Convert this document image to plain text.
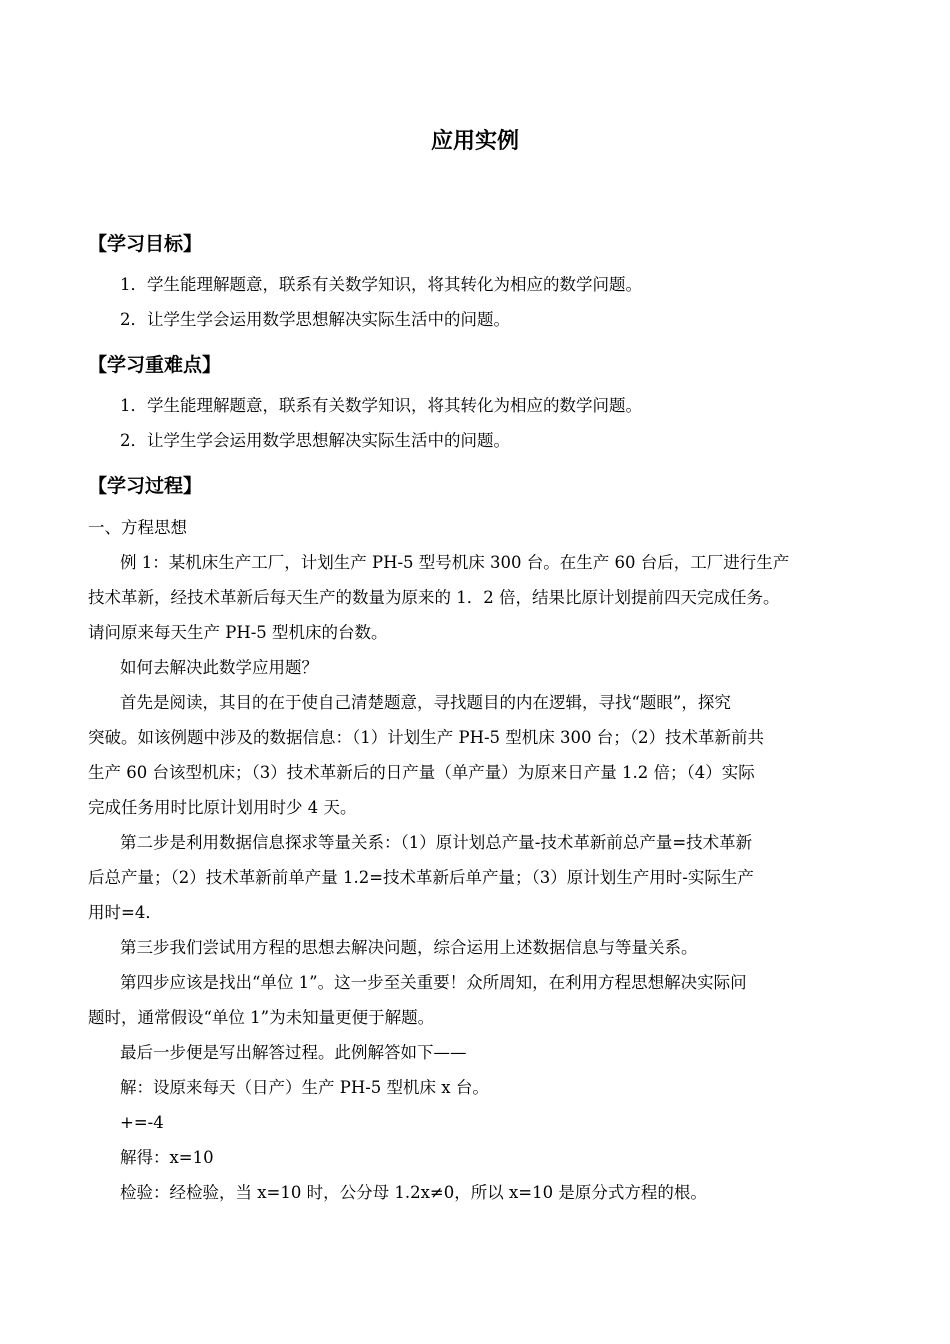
应用实例
【学习目标】

1．学生能理解题意，联系有关数学知识，将其转化为相应的数学问题。

2．让学生学会运用数学思想解决实际生活中的问题。

【学习重难点】

1．学生能理解题意，联系有关数学知识，将其转化为相应的数学问题。

2．让学生学会运用数学思想解决实际生活中的问题。

【学习过程】

一、方程思想

例 1：某机床生产工厂，计划生产 PH-5 型号机床 300 台。在生产 60 台后，工厂进行生产

技术革新，经技术革新后每天生产的数量为原来的 1．2 倍，结果比原计划提前四天完成任务。

请问原来每天生产 PH-5 型机床的台数。

如何去解决此数学应用题？

首先是阅读，其目的在于使自己清楚题意，寻找题目的内在逻辑，寻找“题眼”，探究

突破。如该例题中涉及的数据信息：（1）计划生产 PH-5 型机床 300 台；（2）技术革新前共

生产 60 台该型机床；（3）技术革新后的日产量（单产量）为原来日产量 1.2 倍；（4）实际

完成任务用时比原计划用时少 4 天。

第二步是利用数据信息探求等量关系：（1）原计划总产量-技术革新前总产量=技术革新

后总产量；（2）技术革新前单产量 1.2=技术革新后单产量；（3）原计划生产用时-实际生产

用时=4．

第三步我们尝试用方程的思想去解决问题，综合运用上述数据信息与等量关系。

第四步应该是找出“单位 1”。这一步至关重要！众所周知，在利用方程思想解决实际问

题时，通常假设“单位 1”为未知量更便于解题。

最后一步便是写出解答过程。此例解答如下——

解：设原来每天（日产）生产 PH-5 型机床 x 台。

+=-4

解得：x=10

检验：经检验，当 x=10 时，公分母 1.2x≠0，所以 x=10 是原分式方程的根。
